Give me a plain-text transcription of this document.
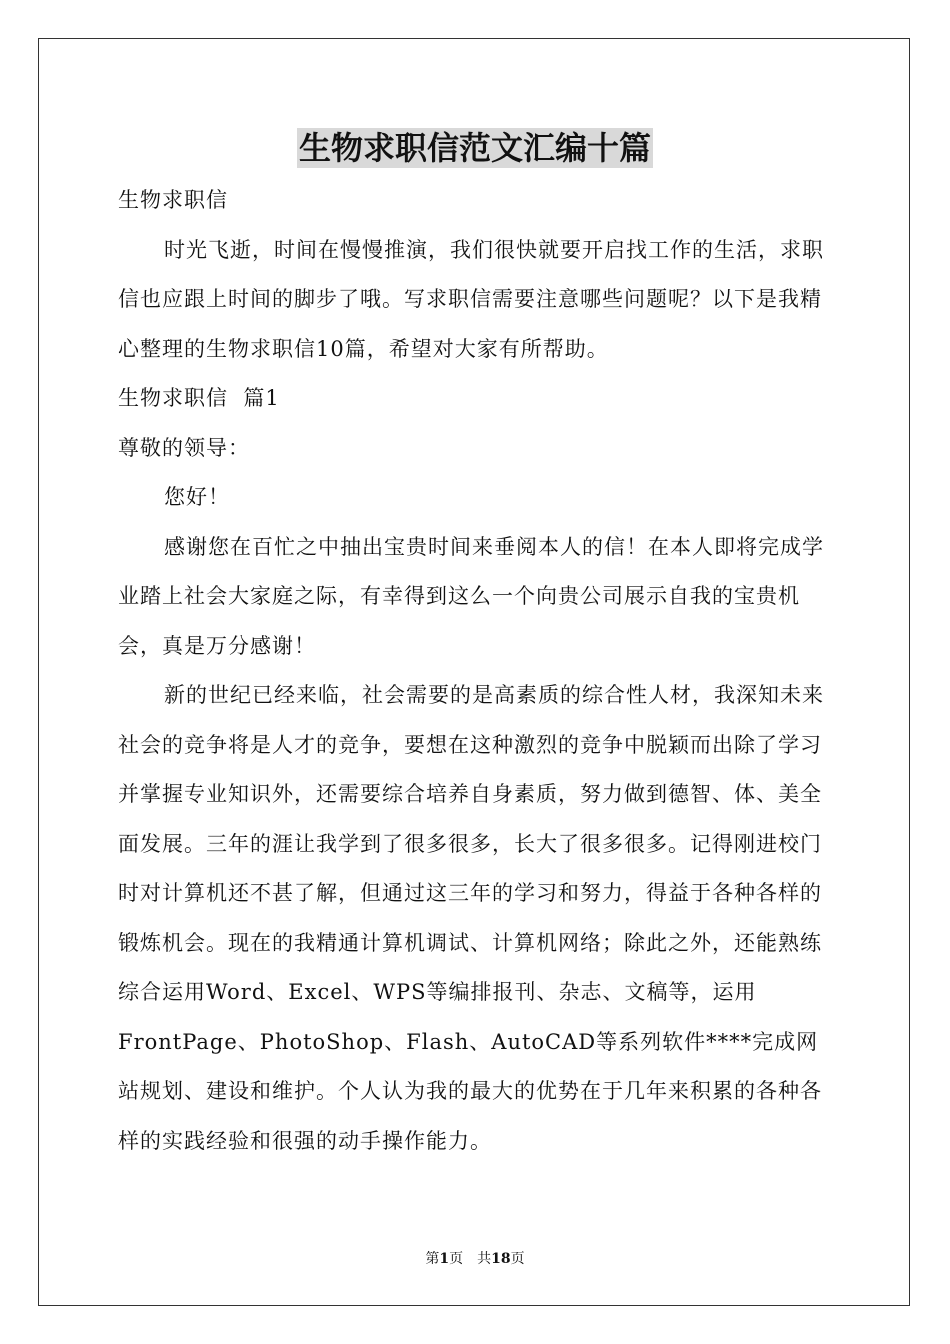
生物求职信范文汇编十篇

生物求职信

时光飞逝，时间在慢慢推演，我们很快就要开启找工作的生活，求职信也应跟上时间的脚步了哦。写求职信需要注意哪些问题呢？以下是我精心整理的生物求职信10篇，希望对大家有所帮助。

生物求职信  篇1

尊敬的领导：

您好！

感谢您在百忙之中抽出宝贵时间来垂阅本人的信！在本人即将完成学业踏上社会大家庭之际，有幸得到这么一个向贵公司展示自我的宝贵机会，真是万分感谢！

新的世纪已经来临，社会需要的是高素质的综合性人材，我深知未来社会的竞争将是人才的竞争，要想在这种激烈的竞争中脱颖而出除了学习并掌握专业知识外，还需要综合培养自身素质，努力做到德智、体、美全面发展。三年的涯让我学到了很多很多，长大了很多很多。记得刚进校门时对计算机还不甚了解，但通过这三年的学习和努力，得益于各种各样的锻炼机会。现在的我精通计算机调试、计算机网络；除此之外，还能熟练综合运用Word、Excel、WPS等编排报刊、杂志、文稿等，运用FrontPage、PhotoShop、Flash、AutoCAD等系列软件****完成网站规划、建设和维护。个人认为我的最大的优势在于几年来积累的各种各样的实践经验和很强的动手操作能力。

第1页　共18页
